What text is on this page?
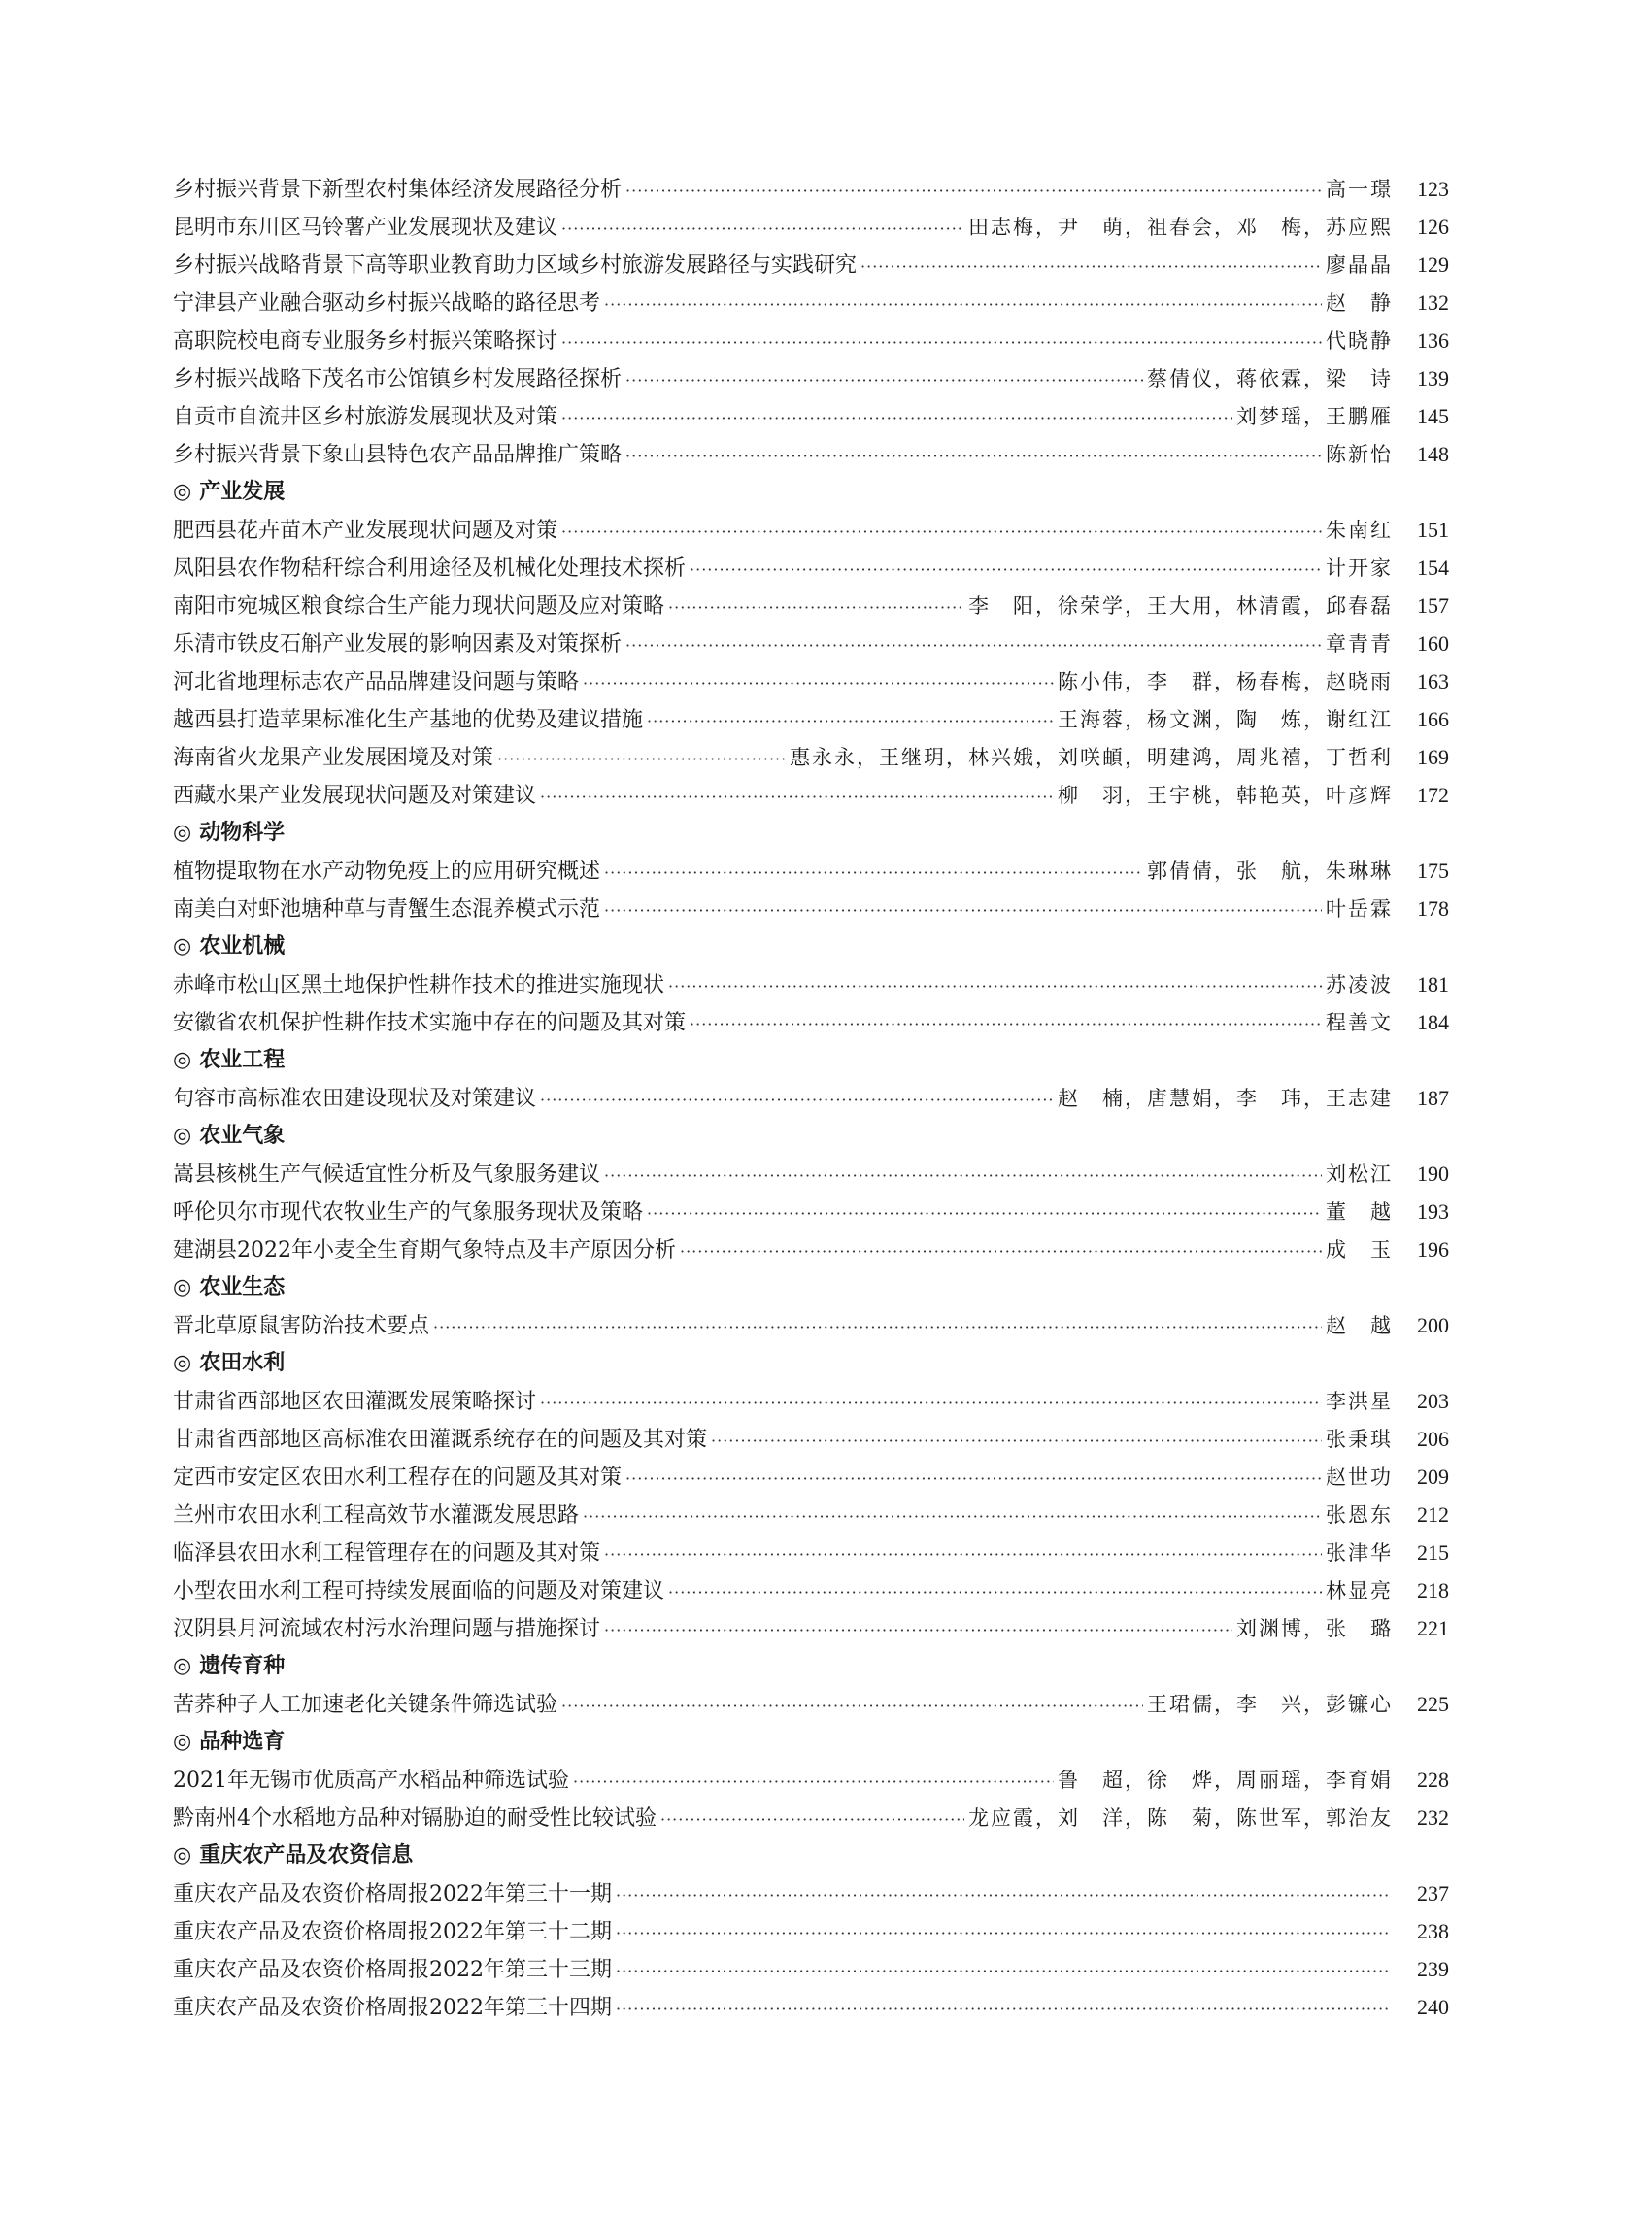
乡村振兴背景下新型农村集体经济发展路径分析 ·····	高一璟	123
昆明市东川区马铃薯产业发展现状及建议 ·····	田志梅，尹　萌，祖春会，邓　梅，苏应熙	126
乡村振兴战略背景下高等职业教育助力区域乡村旅游发展路径与实践研究 ·····	廖晶晶	129
宁津县产业融合驱动乡村振兴战略的路径思考 ·····	赵　静	132
高职院校电商专业服务乡村振兴策略探讨 ·····	代晓静	136
乡村振兴战略下茂名市公馆镇乡村发展路径探析 ·····	蔡倩仪，蒋依霖，梁　诗	139
自贡市自流井区乡村旅游发展现状及对策 ·····	刘梦瑶，王鹏雁	145
乡村振兴背景下象山县特色农产品品牌推广策略 ·····	陈新怡	148
◎ 产业发展
肥西县花卉苗木产业发展现状问题及对策 ·····	朱南红	151
凤阳县农作物秸秆综合利用途径及机械化处理技术探析 ·····	计开家	154
南阳市宛城区粮食综合生产能力现状问题及应对策略 ·····	李　阳，徐荣学，王大用，林清霞，邱春磊	157
乐清市铁皮石斛产业发展的影响因素及对策探析 ·····	章青青	160
河北省地理标志农产品品牌建设问题与策略 ·····	陈小伟，李　群，杨春梅，赵晓雨	163
越西县打造苹果标准化生产基地的优势及建议措施 ·····	王海蓉，杨文渊，陶　炼，谢红江	166
海南省火龙果产业发展困境及对策 ·····	惠永永，王继玥，林兴娥，刘咲頔，明建鸿，周兆禧，丁哲利	169
西藏水果产业发展现状问题及对策建议 ·····	柳　羽，王宇桃，韩艳英，叶彦辉	172
◎ 动物科学
植物提取物在水产动物免疫上的应用研究概述 ·····	郭倩倩，张　航，朱琳琳	175
南美白对虾池塘种草与青蟹生态混养模式示范 ·····	叶岳霖	178
◎ 农业机械
赤峰市松山区黑土地保护性耕作技术的推进实施现状 ·····	苏凌波	181
安徽省农机保护性耕作技术实施中存在的问题及其对策 ·····	程善文	184
◎ 农业工程
句容市高标准农田建设现状及对策建议 ·····	赵　楠，唐慧娟，李　玮，王志建	187
◎ 农业气象
嵩县核桃生产气候适宜性分析及气象服务建议 ·····	刘松江	190
呼伦贝尔市现代农牧业生产的气象服务现状及策略 ·····	董　越	193
建湖县2022年小麦全生育期气象特点及丰产原因分析 ·····	成　玉	196
◎ 农业生态
晋北草原鼠害防治技术要点 ·····	赵　越	200
◎ 农田水利
甘肃省西部地区农田灌溉发展策略探讨 ·····	李洪星	203
甘肃省西部地区高标准农田灌溉系统存在的问题及其对策 ·····	张秉琪	206
定西市安定区农田水利工程存在的问题及其对策 ·····	赵世功	209
兰州市农田水利工程高效节水灌溉发展思路 ·····	张恩东	212
临泽县农田水利工程管理存在的问题及其对策 ·····	张津华	215
小型农田水利工程可持续发展面临的问题及对策建议 ·····	林显亮	218
汉阴县月河流域农村污水治理问题与措施探讨 ·····	刘渊博，张　璐	221
◎ 遗传育种
苦荞种子人工加速老化关键条件筛选试验 ·····	王珺儒，李　兴，彭镰心	225
◎ 品种选育
2021年无锡市优质高产水稻品种筛选试验 ·····	鲁　超，徐　烨，周丽瑶，李育娟	228
黔南州4个水稻地方品种对镉胁迫的耐受性比较试验 ·····	龙应霞，刘　洋，陈　菊，陈世军，郭治友	232
◎ 重庆农产品及农资信息
重庆农产品及农资价格周报2022年第三十一期 ·····	237
重庆农产品及农资价格周报2022年第三十二期 ·····	238
重庆农产品及农资价格周报2022年第三十三期 ·····	239
重庆农产品及农资价格周报2022年第三十四期 ·····	240
